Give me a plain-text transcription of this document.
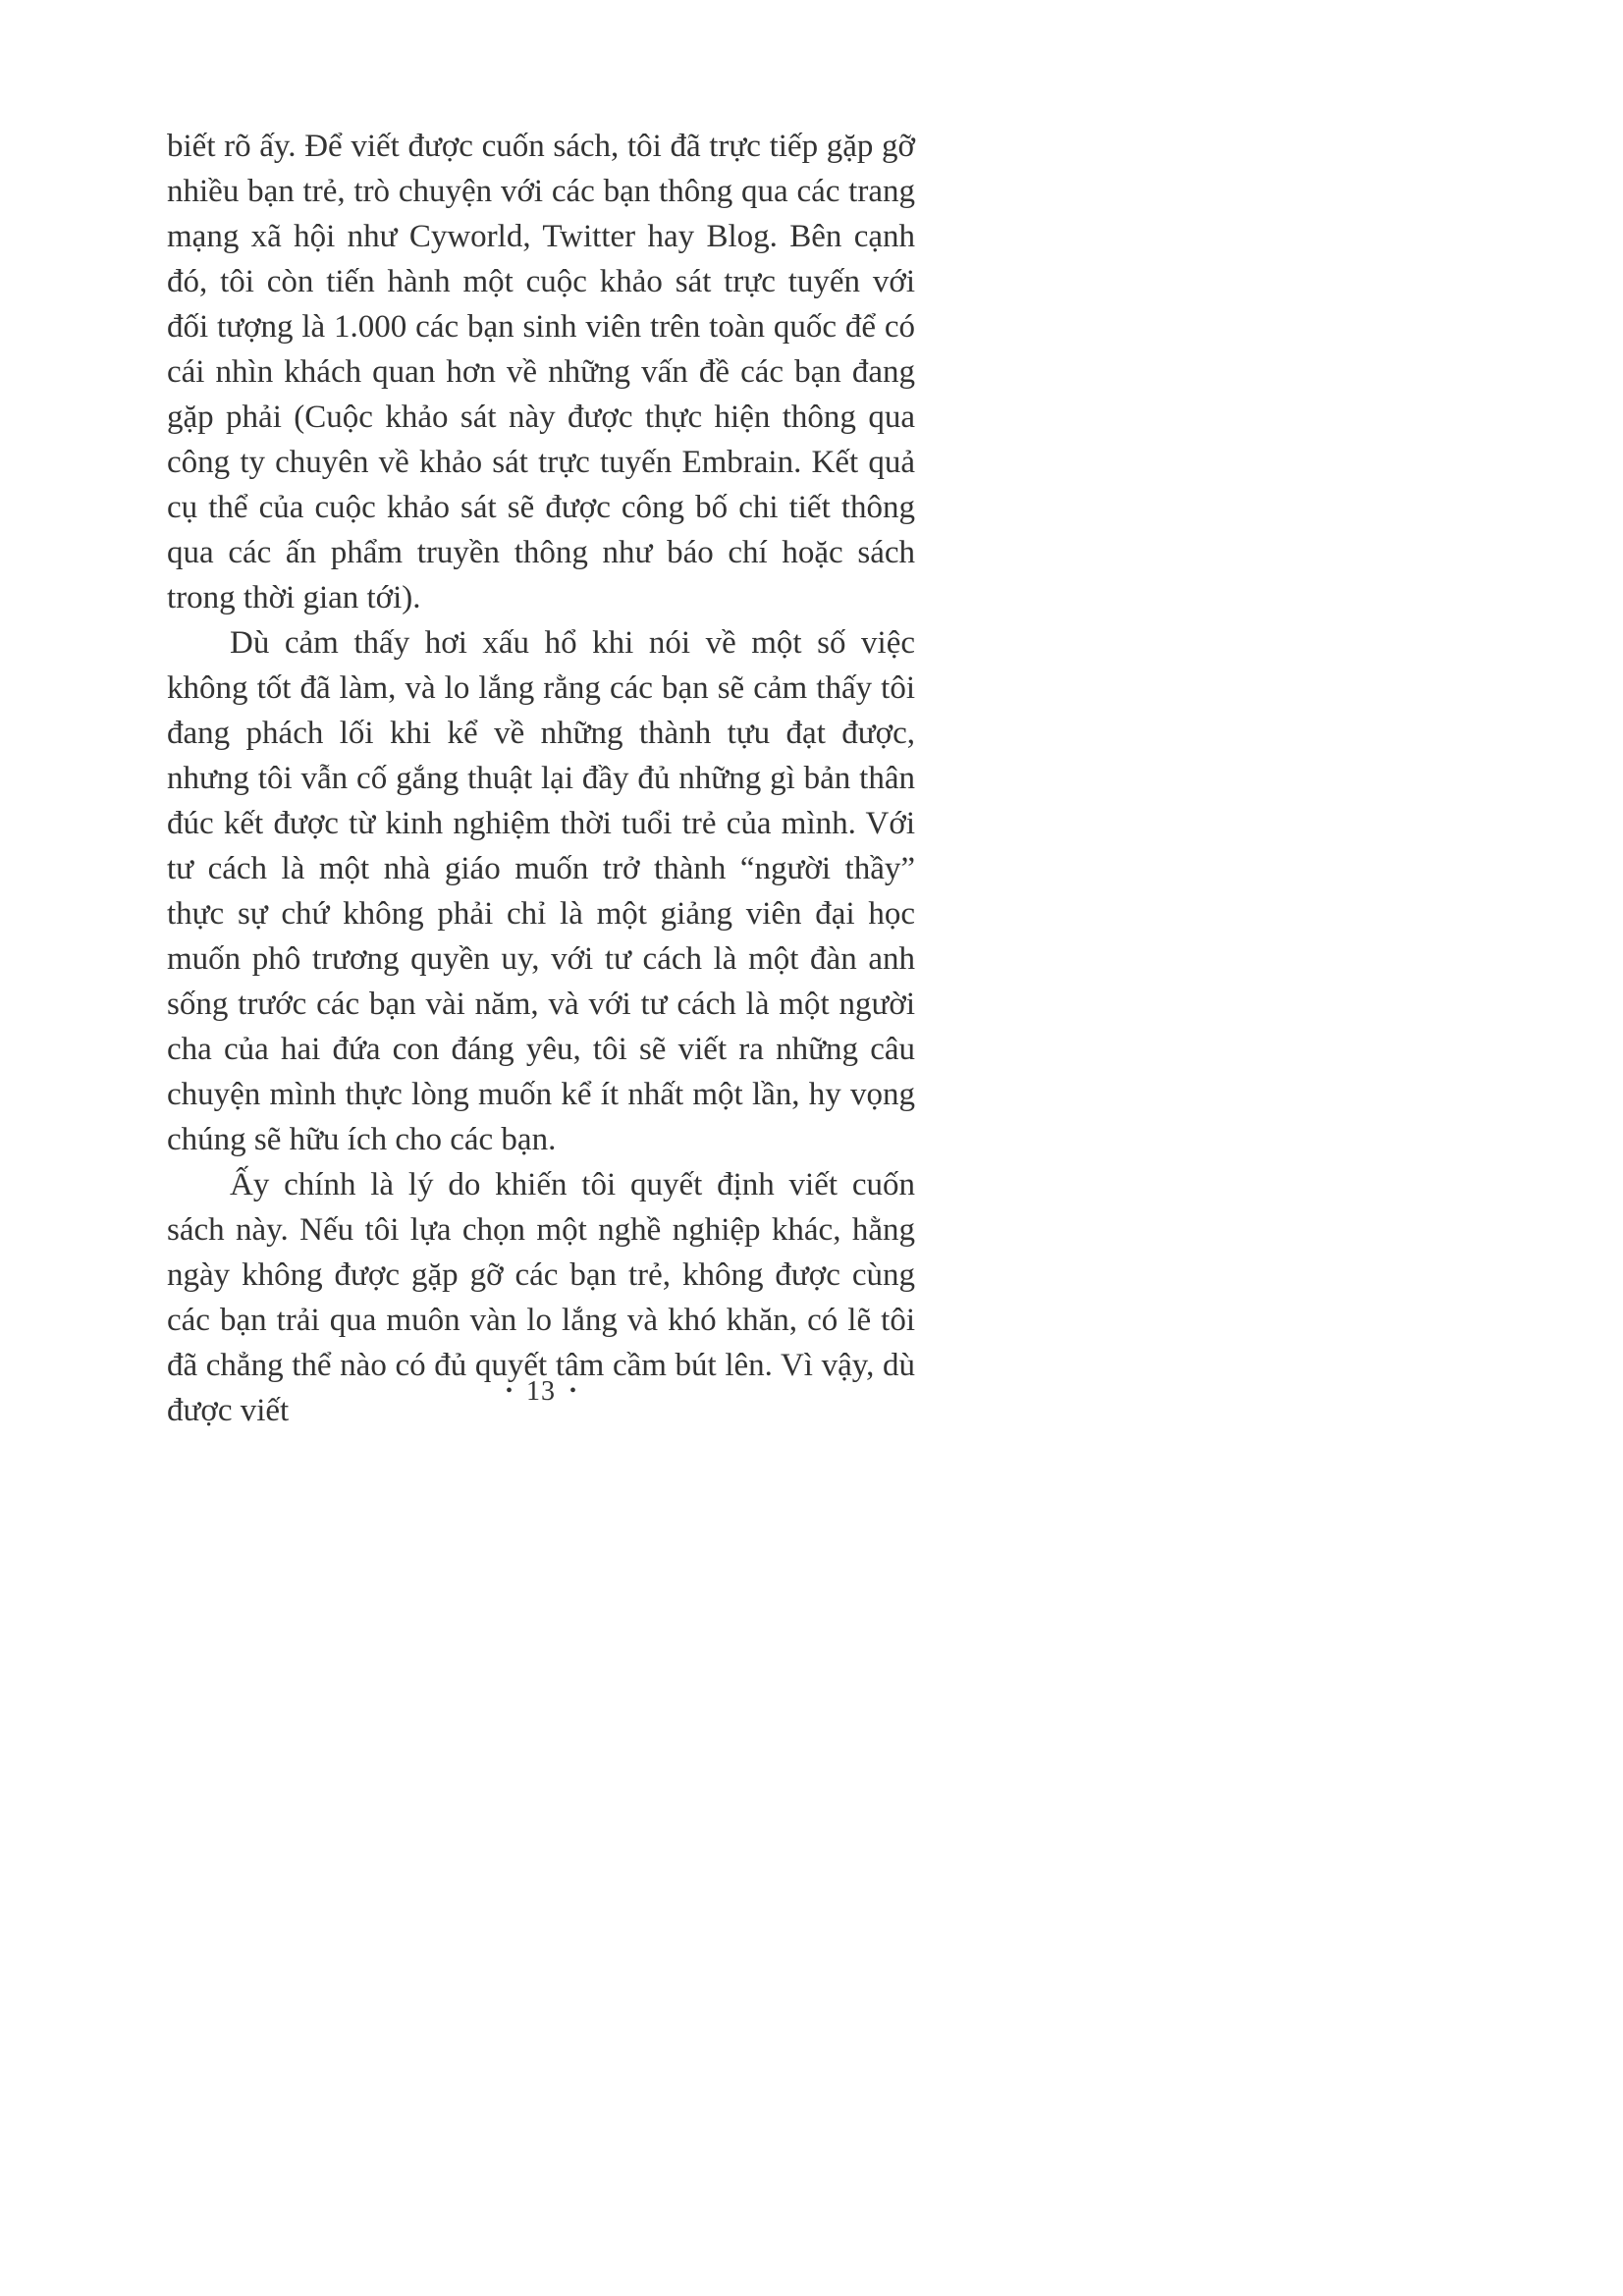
biết rõ ấy. Để viết được cuốn sách, tôi đã trực tiếp gặp gỡ nhiều bạn trẻ, trò chuyện với các bạn thông qua các trang mạng xã hội như Cyworld, Twitter hay Blog. Bên cạnh đó, tôi còn tiến hành một cuộc khảo sát trực tuyến với đối tượng là 1.000 các bạn sinh viên trên toàn quốc để có cái nhìn khách quan hơn về những vấn đề các bạn đang gặp phải (Cuộc khảo sát này được thực hiện thông qua công ty chuyên về khảo sát trực tuyến Embrain. Kết quả cụ thể của cuộc khảo sát sẽ được công bố chi tiết thông qua các ấn phẩm truyền thông như báo chí hoặc sách trong thời gian tới).

Dù cảm thấy hơi xấu hổ khi nói về một số việc không tốt đã làm, và lo lắng rằng các bạn sẽ cảm thấy tôi đang phách lối khi kể về những thành tựu đạt được, nhưng tôi vẫn cố gắng thuật lại đầy đủ những gì bản thân đúc kết được từ kinh nghiệm thời tuổi trẻ của mình. Với tư cách là một nhà giáo muốn trở thành “người thầy” thực sự chứ không phải chỉ là một giảng viên đại học muốn phô trương quyền uy, với tư cách là một đàn anh sống trước các bạn vài năm, và với tư cách là một người cha của hai đứa con đáng yêu, tôi sẽ viết ra những câu chuyện mình thực lòng muốn kể ít nhất một lần, hy vọng chúng sẽ hữu ích cho các bạn.

Ấy chính là lý do khiến tôi quyết định viết cuốn sách này. Nếu tôi lựa chọn một nghề nghiệp khác, hằng ngày không được gặp gỡ các bạn trẻ, không được cùng các bạn trải qua muôn vàn lo lắng và khó khăn, có lẽ tôi đã chẳng thể nào có đủ quyết tâm cầm bút lên. Vì vậy, dù được viết

• 13 •
